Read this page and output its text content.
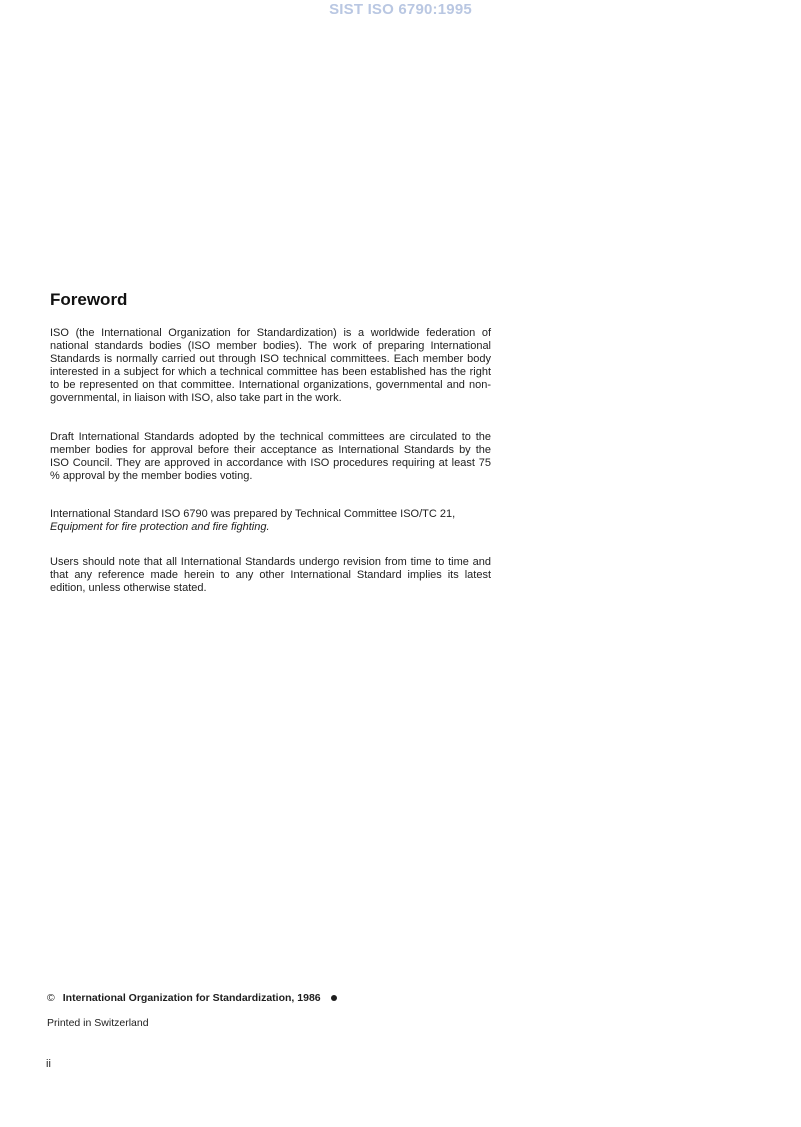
SIST ISO 6790:1995
Foreword

ISO (the International Organization for Standardization) is a worldwide federation of national standards bodies (ISO member bodies). The work of preparing International Standards is normally carried out through ISO technical committees. Each member body interested in a subject for which a technical committee has been established has the right to be represented on that committee. International organizations, governmental and non-governmental, in liaison with ISO, also take part in the work.

Draft International Standards adopted by the technical committees are circulated to the member bodies for approval before their acceptance as International Standards by the ISO Council. They are approved in accordance with ISO procedures requiring at least 75 % approval by the member bodies voting.

International Standard ISO 6790 was prepared by Technical Committee ISO/TC 21,
Equipment for fire protection and fire fighting.

Users should note that all International Standards undergo revision from time to time and that any reference made herein to any other International Standard implies its latest edition, unless otherwise stated.

© International Organization for Standardization, 1986
Printed in Switzerland
ii
